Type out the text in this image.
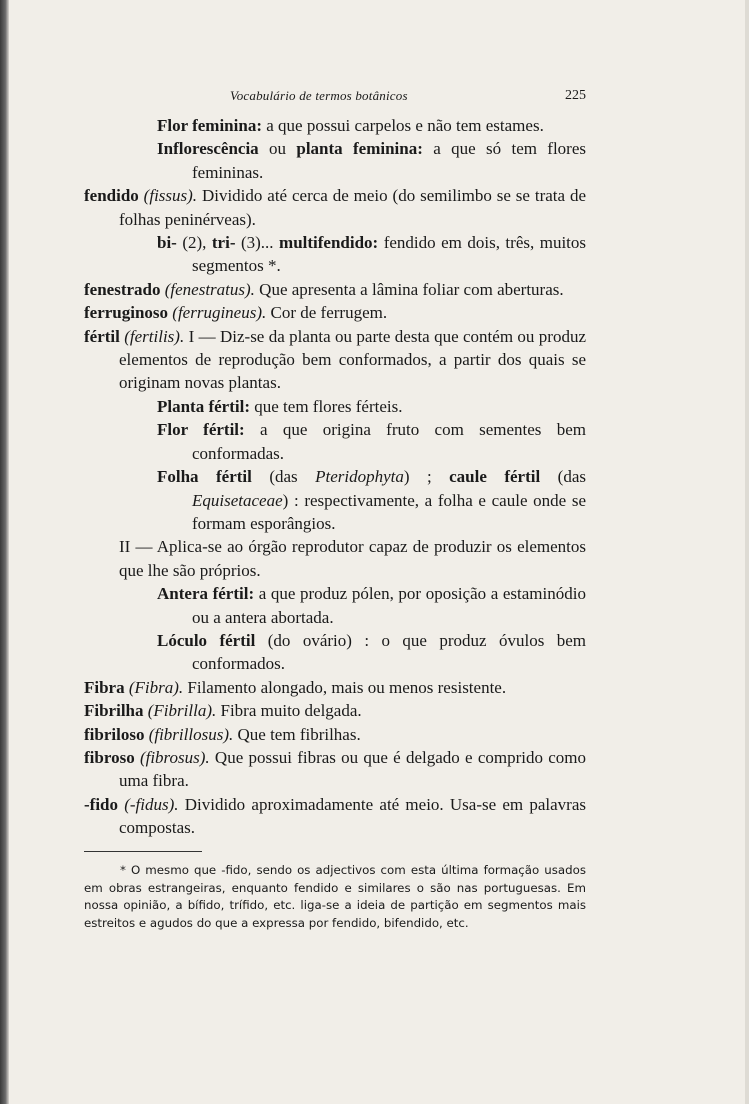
Vocabulário de termos botânicos	225

Flor feminina: a que possui carpelos e não tem estames.

Inflorescência ou planta feminina: a que só tem flores femininas.

fendido (fissus). Dividido até cerca de meio (do semilimbo se se trata de folhas peninérveas).

bi- (2), tri- (3)... multifendido: fendido em dois, três, muitos segmentos *.

fenestrado (fenestratus). Que apresenta a lâmina foliar com aberturas.

ferruginoso (ferrugineus). Cor de ferrugem.

fértil (fertilis). I — Diz-se da planta ou parte desta que contém ou produz elementos de reprodução bem conformados, a partir dos quais se originam novas plantas.

Planta fértil: que tem flores férteis.

Flor fértil: a que origina fruto com sementes bem conformadas.

Folha fértil (das Pteridophyta) ; caule fértil (das Equisetaceae) : respectivamente, a folha e caule onde se formam esporângios.

II — Aplica-se ao órgão reprodutor capaz de produzir os elementos que lhe são próprios.

Antera fértil: a que produz pólen, por oposição a estaminódio ou a antera abortada.

Lóculo fértil (do ovário) : o que produz óvulos bem conformados.

Fibra (Fibra). Filamento alongado, mais ou menos resistente.

Fibrilha (Fibrilla). Fibra muito delgada.

fibriloso (fibrillosus). Que tem fibrilhas.

fibroso (fibrosus). Que possui fibras ou que é delgado e comprido como uma fibra.

-fido (-fidus). Dividido aproximadamente até meio. Usa-se em palavras compostas.

* O mesmo que -fido, sendo os adjectivos com esta última formação usados em obras estrangeiras, enquanto fendido e similares o são nas portuguesas. Em nossa opinião, a bífido, trífido, etc. liga-se a ideia de partição em segmentos mais estreitos e agudos do que a expressa por fendido, bifendido, etc.
